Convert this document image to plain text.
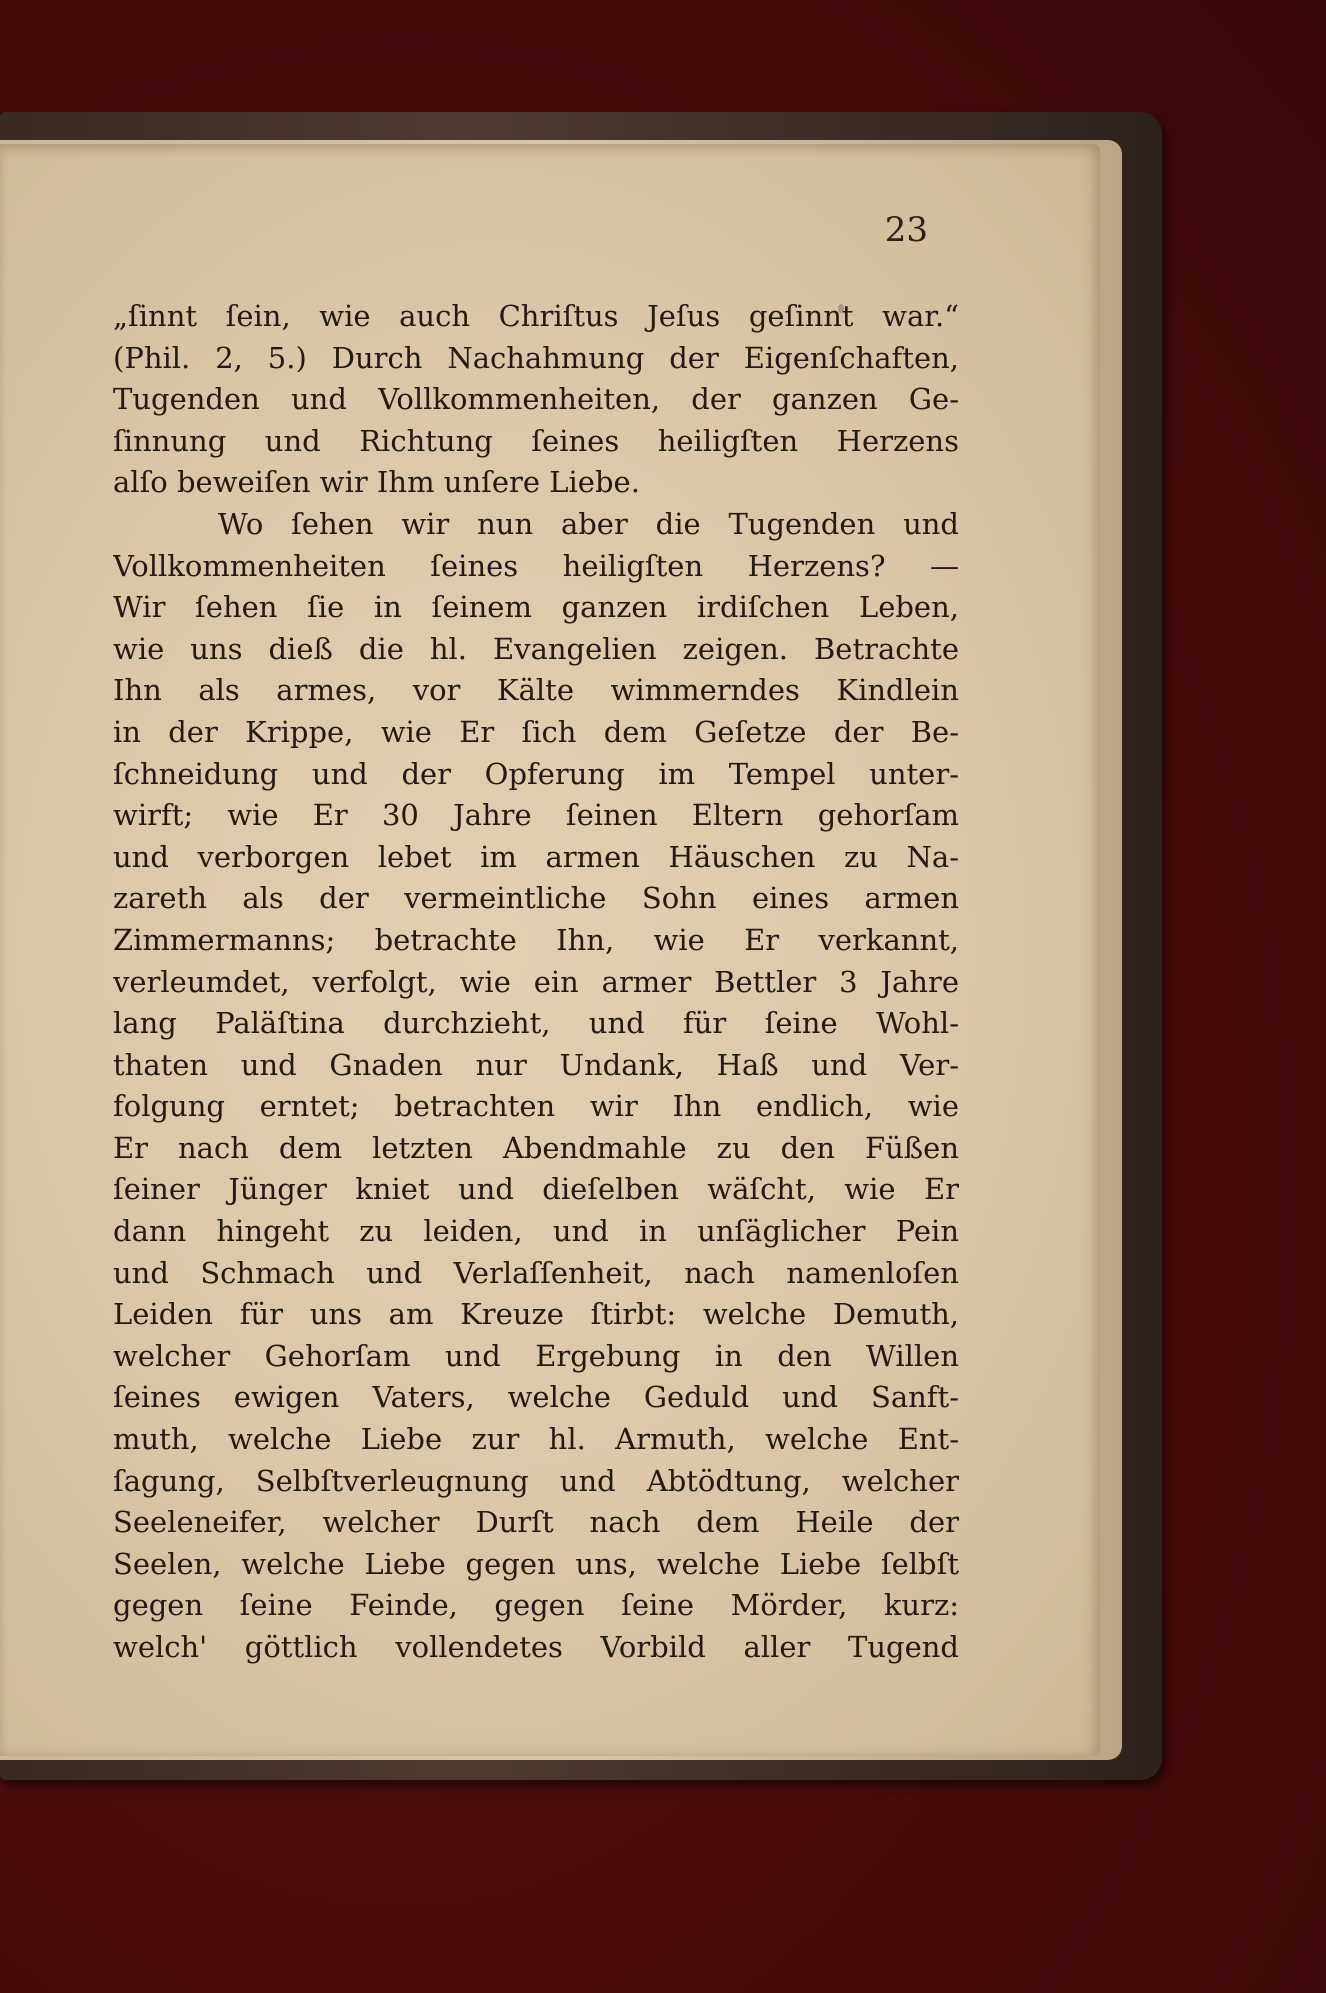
23

„ſinnt ſein, wie auch Chriſtus Jeſus geſinnt war.“
(Phil. 2, 5.) Durch Nachahmung der Eigenſchaften,
Tugenden und Vollkommenheiten, der ganzen Ge-
ſinnung und Richtung ſeines heiligſten Herzens
alſo beweiſen wir Ihm unſere Liebe.
Wo ſehen wir nun aber die Tugenden und
Vollkommenheiten ſeines heiligſten Herzens? —
Wir ſehen ſie in ſeinem ganzen irdiſchen Leben,
wie uns dieß die hl. Evangelien zeigen. Betrachte
Ihn als armes, vor Kälte wimmerndes Kindlein
in der Krippe, wie Er ſich dem Geſetze der Be-
ſchneidung und der Opferung im Tempel unter-
wirft; wie Er 30 Jahre ſeinen Eltern gehorſam
und verborgen lebet im armen Häuschen zu Na-
zareth als der vermeintliche Sohn eines armen
Zimmermanns; betrachte Ihn, wie Er verkannt,
verleumdet, verfolgt, wie ein armer Bettler 3 Jahre
lang Paläſtina durchzieht, und für ſeine Wohl-
thaten und Gnaden nur Undank, Haß und Ver-
folgung erntet; betrachten wir Ihn endlich, wie
Er nach dem letzten Abendmahle zu den Füßen
ſeiner Jünger kniet und dieſelben wäſcht, wie Er
dann hingeht zu leiden, und in unſäglicher Pein
und Schmach und Verlaſſenheit, nach namenloſen
Leiden für uns am Kreuze ſtirbt: welche Demuth,
welcher Gehorſam und Ergebung in den Willen
ſeines ewigen Vaters, welche Geduld und Sanft-
muth, welche Liebe zur hl. Armuth, welche Ent-
ſagung, Selbſtverleugnung und Abtödtung, welcher
Seeleneifer, welcher Durſt nach dem Heile der
Seelen, welche Liebe gegen uns, welche Liebe ſelbſt
gegen ſeine Feinde, gegen ſeine Mörder, kurz:
welch' göttlich vollendetes Vorbild aller Tugend
